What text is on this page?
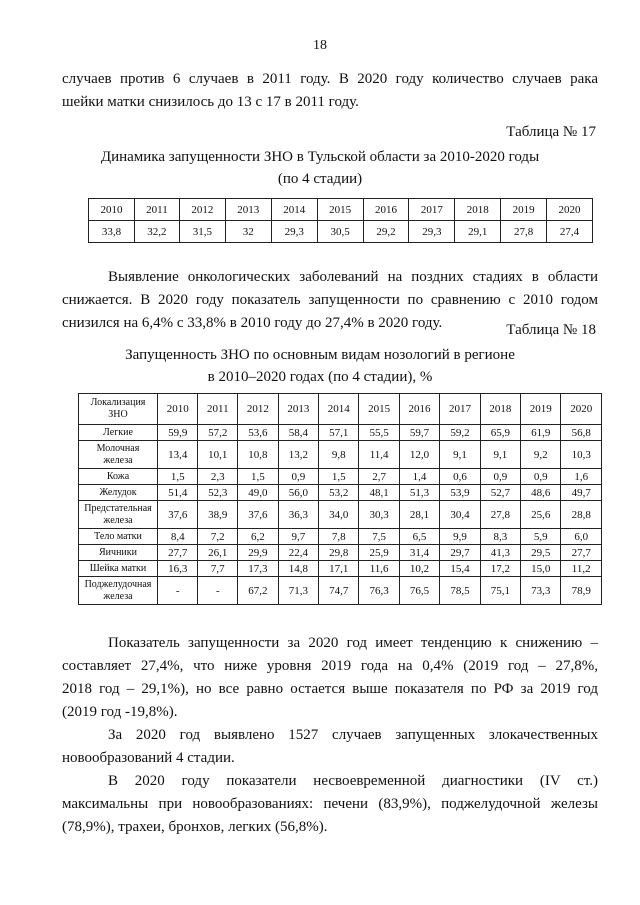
18
случаев против 6 случаев в 2011 году. В 2020 году количество случаев рака
шейки матки снизилось до 13 с 17 в 2011 году.
Таблица № 17
Динамика запущенности ЗНО в Тульской области за 2010-2020 годы
(по 4 стадии)
2010	2011	2012	2013	2014	2015	2016	2017	2018	2019	2020
33,8	32,2	31,5	32	29,3	30,5	29,2	29,3	29,1	27,8	27,4
Выявление онкологических заболеваний на поздних стадиях в области
снижается. В 2020 году показатель запущенности по сравнению с 2010 годом
снизился на 6,4% с 33,8% в 2010 году до 27,4% в 2020 году.	Таблица № 18
Запущенность ЗНО по основным видам нозологий в регионе
в 2010–2020 годах (по 4 стадии), %
Локализация ЗНО	2010	2011	2012	2013	2014	2015	2016	2017	2018	2019	2020
Легкие	59,9	57,2	53,6	58,4	57,1	55,5	59,7	59,2	65,9	61,9	56,8
Молочная железа	13,4	10,1	10,8	13,2	9,8	11,4	12,0	9,1	9,1	9,2	10,3
Кожа	1,5	2,3	1,5	0,9	1,5	2,7	1,4	0,6	0,9	0,9	1,6
Желудок	51,4	52,3	49,0	56,0	53,2	48,1	51,3	53,9	52,7	48,6	49,7
Предстательная железа	37,6	38,9	37,6	36,3	34,0	30,3	28,1	30,4	27,8	25,6	28,8
Тело матки	8,4	7,2	6,2	9,7	7,8	7,5	6,5	9,9	8,3	5,9	6,0
Яичники	27,7	26,1	29,9	22,4	29,8	25,9	31,4	29,7	41,3	29,5	27,7
Шейка матки	16,3	7,7	17,3	14,8	17,1	11,6	10,2	15,4	17,2	15,0	11,2
Поджелудочная железа	-	-	67,2	71,3	74,7	76,3	76,5	78,5	75,1	73,3	78,9
Показатель запущенности за 2020 год имеет тенденцию к снижению –
составляет 27,4%, что ниже уровня 2019 года на 0,4% (2019 год – 27,8%,
2018 год – 29,1%), но все равно остается выше показателя по РФ за 2019 год
(2019 год -19,8%).
За 2020 год выявлено 1527 случаев запущенных злокачественных
новообразований 4 стадии.
В 2020 году показатели несвоевременной диагностики (IV ст.)
максимальны при новообразованиях: печени (83,9%), поджелудочной железы
(78,9%), трахеи, бронхов, легких (56,8%).
